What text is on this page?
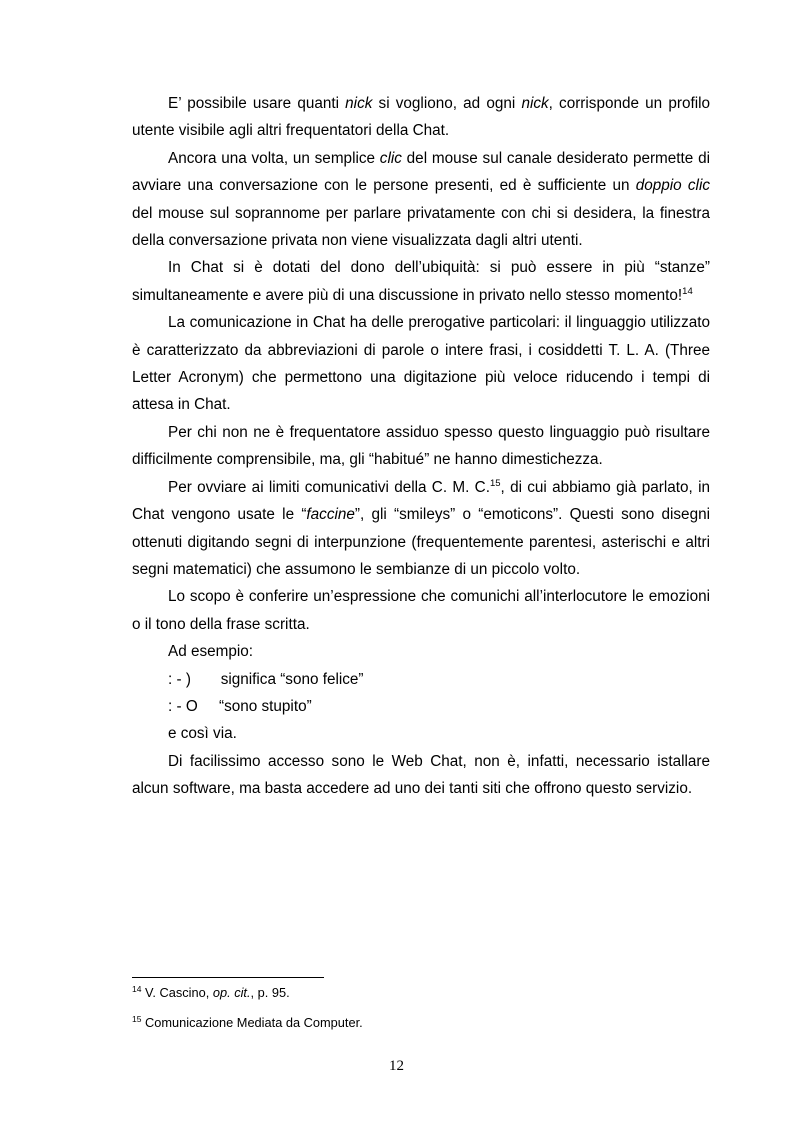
E’ possibile usare quanti nick si vogliono, ad ogni nick, corrisponde un profilo utente visibile agli altri frequentatori della Chat.

Ancora una volta, un semplice clic del mouse sul canale desiderato permette di avviare una conversazione con le persone presenti, ed è sufficiente un doppio clic del mouse sul soprannome per parlare privatamente con chi si desidera, la finestra della conversazione privata non viene visualizzata dagli altri utenti.

In Chat si è dotati del dono dell’ubiquità: si può essere in più “stanze” simultaneamente e avere più di una discussione in privato nello stesso momento!$^{14}$

La comunicazione in Chat ha delle prerogative particolari: il linguaggio utilizzato è caratterizzato da abbreviazioni di parole o intere frasi, i cosiddetti T. L. A. (Three Letter Acronym) che permettono una digitazione più veloce riducendo i tempi di attesa in Chat.

Per chi non ne è frequentatore assiduo spesso questo linguaggio può risultare difficilmente comprensibile, ma, gli “habitué” ne hanno dimestichezza.

Per ovviare ai limiti comunicativi della C. M. C.$^{15}$, di cui abbiamo già parlato, in Chat vengono usate le “faccine”, gli “smileys” o “emoticons”. Questi sono disegni ottenuti digitando segni di interpunzione (frequentemente parentesi, asterischi e altri segni matematici) che assumono le sembianze di un piccolo volto.

Lo scopo è conferire un’espressione che comunichi all’interlocutore le emozioni o il tono della frase scritta.

Ad esempio:

: - )       significa “sono felice”

: - O     “sono stupito”

e così via.

Di facilissimo accesso sono le Web Chat, non è, infatti, necessario istallare alcun software, ma basta accedere ad uno dei tanti siti che offrono questo servizio.

$^{14}$ V. Cascino, op. cit., p. 95.
$^{15}$ Comunicazione Mediata da Computer.
12
